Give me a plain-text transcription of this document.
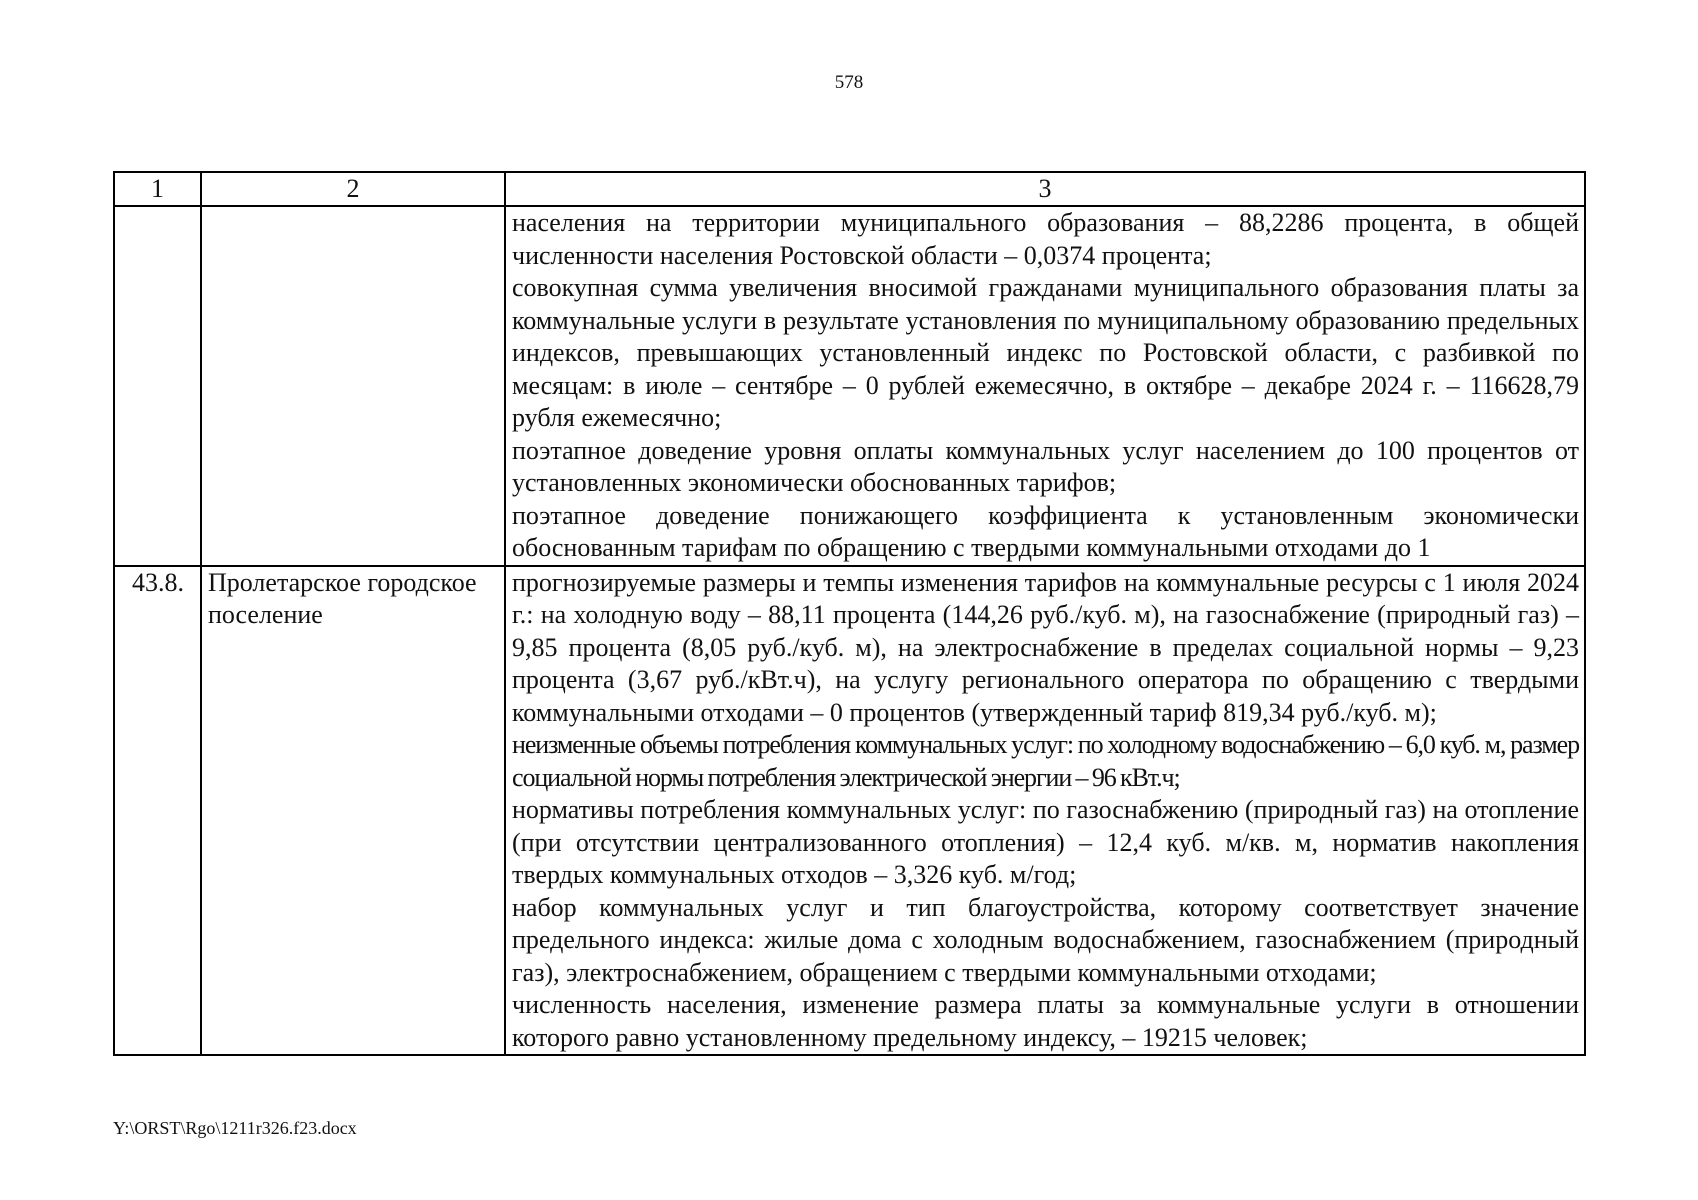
578
1	2	3

		населения на территории муниципального образования – 88,2286 процента, в общей численности населения Ростовской области – 0,0374 процента;
совокупная сумма увеличения вносимой гражданами муниципального образования платы за коммунальные услуги в результате установления по муниципальному образованию предельных индексов, превышающих установленный индекс по Ростовской области, с разбивкой по месяцам: в июле – сентябре – 0 рублей ежемесячно, в октябре – декабре 2024 г. – 116628,79 рубля ежемесячно;
поэтапное доведение уровня оплаты коммунальных услуг населением до 100 процентов от установленных экономически обоснованных тарифов;
поэтапное доведение понижающего коэффициента к установленным экономически обоснованным тарифам по обращению с твердыми коммунальными отходами до 1

43.8.	Пролетарское городское поселение	прогнозируемые размеры и темпы изменения тарифов на коммунальные ресурсы с 1 июля 2024 г.: на холодную воду – 88,11 процента (144,26 руб./куб. м), на газоснабжение (природный газ) – 9,85 процента (8,05 руб./куб. м), на электроснабжение в пределах социальной нормы – 9,23 процента (3,67 руб./кВт.ч), на услугу регионального оператора по обращению с твердыми коммунальными отходами – 0 процентов (утвержденный тариф 819,34 руб./куб. м);
неизменные объемы потребления коммунальных услуг: по холодному водоснабжению – 6,0 куб. м, размер социальной нормы потребления электрической энергии – 96 кВт.ч;
нормативы потребления коммунальных услуг: по газоснабжению (природный газ) на отопление (при отсутствии централизованного отопления) – 12,4 куб. м/кв. м, норматив накопления твердых коммунальных отходов – 3,326 куб. м/год;
набор коммунальных услуг и тип благоустройства, которому соответствует значение предельного индекса: жилые дома с холодным водоснабжением, газоснабжением (природный газ), электроснабжением, обращением с твердыми коммунальными отходами;
численность населения, изменение размера платы за коммунальные услуги в отношении которого равно установленному предельному индексу, – 19215 человек;
Y:\ORST\Rgo\1211r326.f23.docx
